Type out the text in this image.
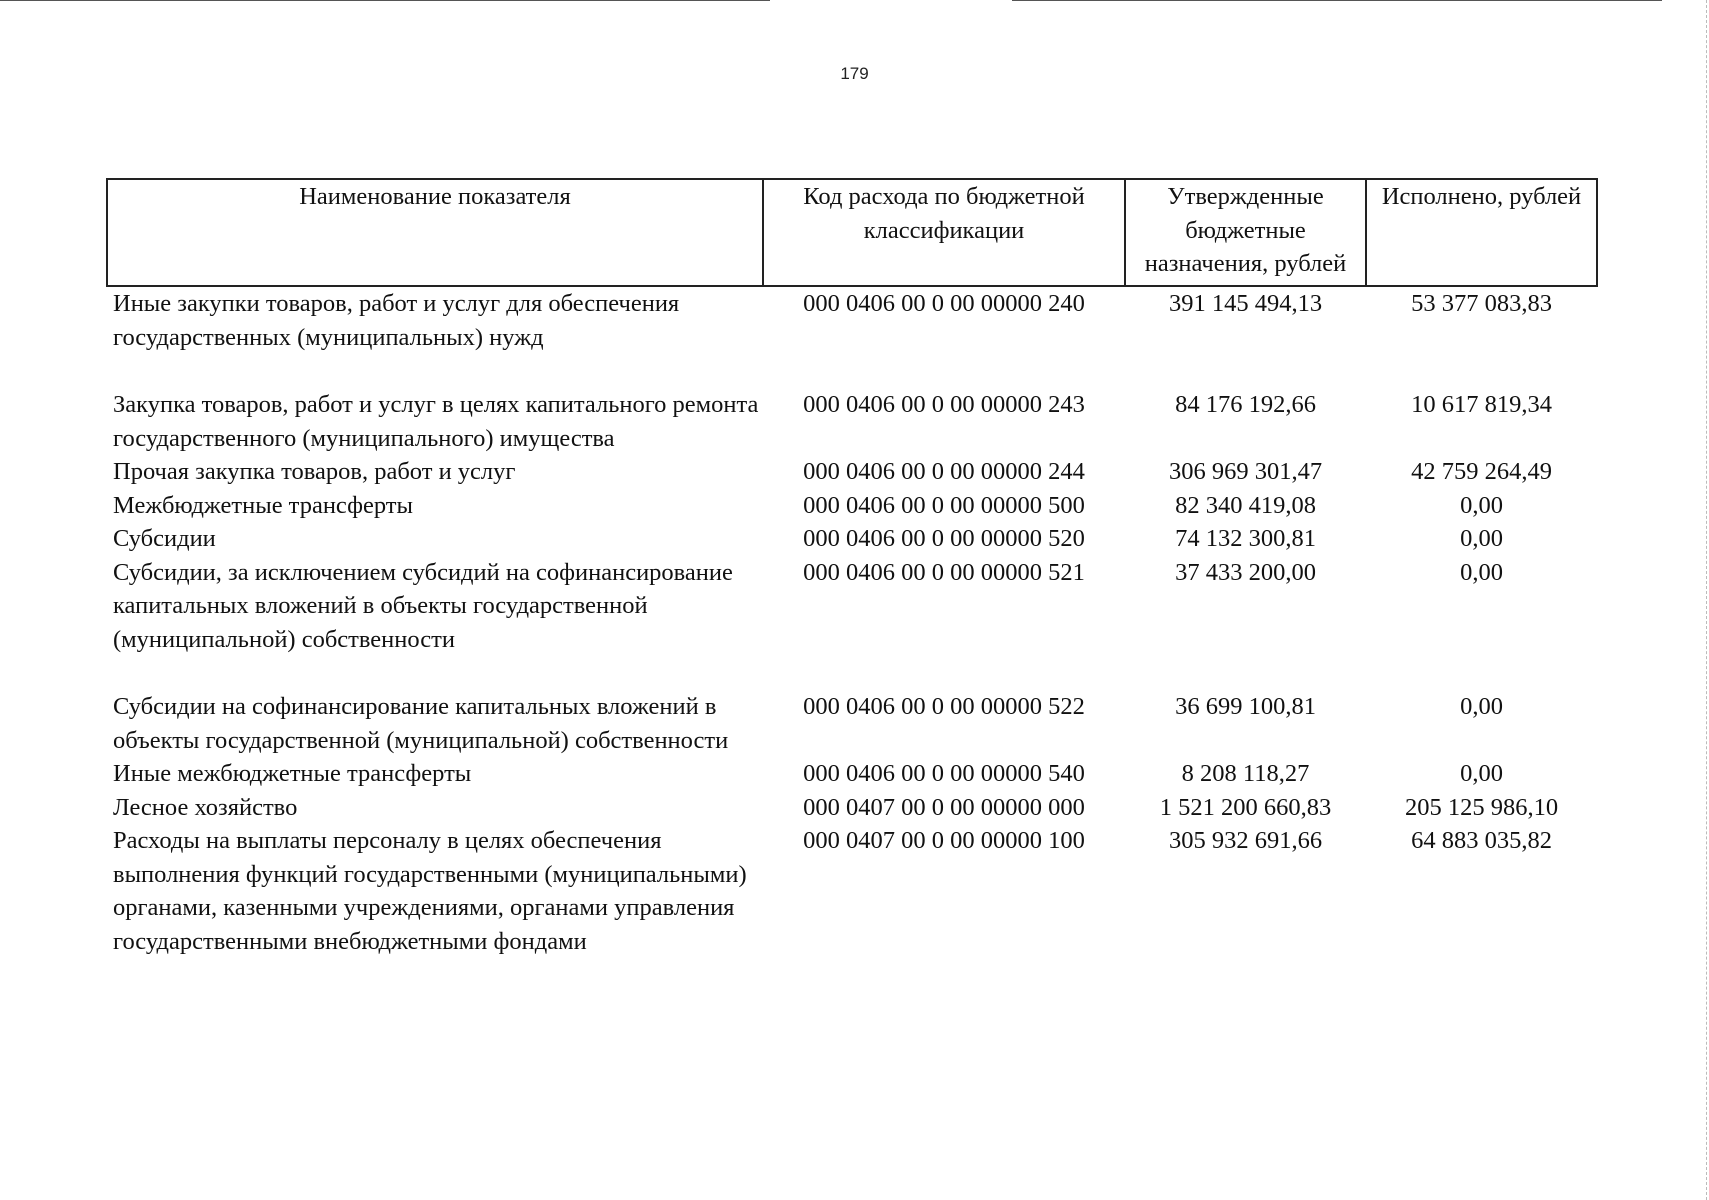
179
Наименование показателя	Код расхода по бюджетной классификации	Утвержденные бюджетные назначения, рублей	Исполнено, рублей
Иные закупки товаров, работ и услуг для обеспечения государственных (муниципальных) нужд	000 0406 00 0 00 00000 240	391 145 494,13	53 377 083,83
Закупка товаров, работ и услуг в целях капитального ремонта государственного (муниципального) имущества	000 0406 00 0 00 00000 243	84 176 192,66	10 617 819,34
Прочая закупка товаров, работ и услуг	000 0406 00 0 00 00000 244	306 969 301,47	42 759 264,49
Межбюджетные трансферты	000 0406 00 0 00 00000 500	82 340 419,08	0,00
Субсидии	000 0406 00 0 00 00000 520	74 132 300,81	0,00
Субсидии, за исключением субсидий на софинансирование капитальных вложений в объекты государственной (муниципальной) собственности	000 0406 00 0 00 00000 521	37 433 200,00	0,00
Субсидии на софинансирование капитальных вложений в объекты государственной (муниципальной) собственности	000 0406 00 0 00 00000 522	36 699 100,81	0,00
Иные межбюджетные трансферты	000 0406 00 0 00 00000 540	8 208 118,27	0,00
Лесное хозяйство	000 0407 00 0 00 00000 000	1 521 200 660,83	205 125 986,10
Расходы на выплаты персоналу в целях обеспечения выполнения функций государственными (муниципальными) органами, казенными учреждениями, органами управления государственными внебюджетными фондами	000 0407 00 0 00 00000 100	305 932 691,66	64 883 035,82
